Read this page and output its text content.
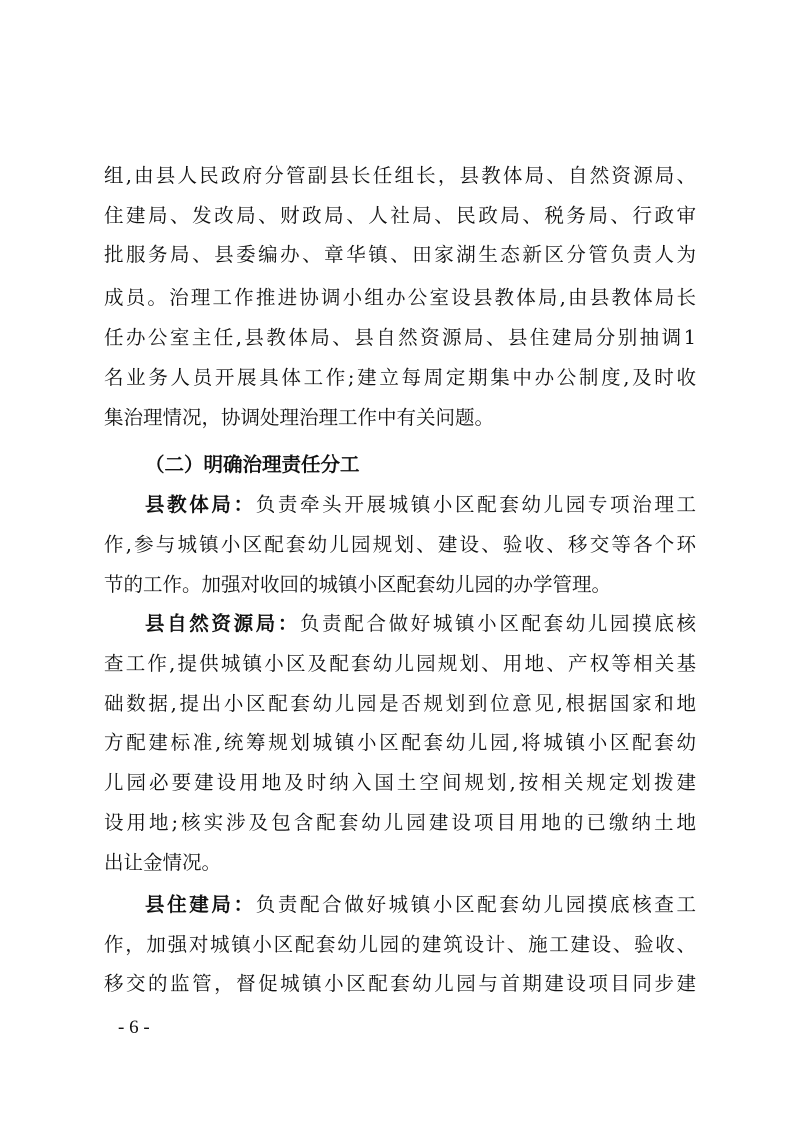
组,由县人民政府分管副县长任组长，县教体局、自然资源局、
住建局、发改局、财政局、人社局、民政局、税务局、行政审
批服务局、县委编办、章华镇、田家湖生态新区分管负责人为
成员。治理工作推进协调小组办公室设县教体局,由县教体局长
任办公室主任,县教体局、县自然资源局、县住建局分别抽调1
名业务人员开展具体工作;建立每周定期集中办公制度,及时收
集治理情况，协调处理治理工作中有关问题。
（二）明确治理责任分工
县教体局：负责牵头开展城镇小区配套幼儿园专项治理工
作,参与城镇小区配套幼儿园规划、建设、验收、移交等各个环
节的工作。加强对收回的城镇小区配套幼儿园的办学管理。
县自然资源局：负责配合做好城镇小区配套幼儿园摸底核
查工作,提供城镇小区及配套幼儿园规划、用地、产权等相关基
础数据,提出小区配套幼儿园是否规划到位意见,根据国家和地
方配建标准,统筹规划城镇小区配套幼儿园,将城镇小区配套幼
儿园必要建设用地及时纳入国土空间规划,按相关规定划拨建
设用地;核实涉及包含配套幼儿园建设项目用地的已缴纳土地
出让金情况。
县住建局：负责配合做好城镇小区配套幼儿园摸底核查工
作，加强对城镇小区配套幼儿园的建筑设计、施工建设、验收、
移交的监管，督促城镇小区配套幼儿园与首期建设项目同步建
- 6 -
